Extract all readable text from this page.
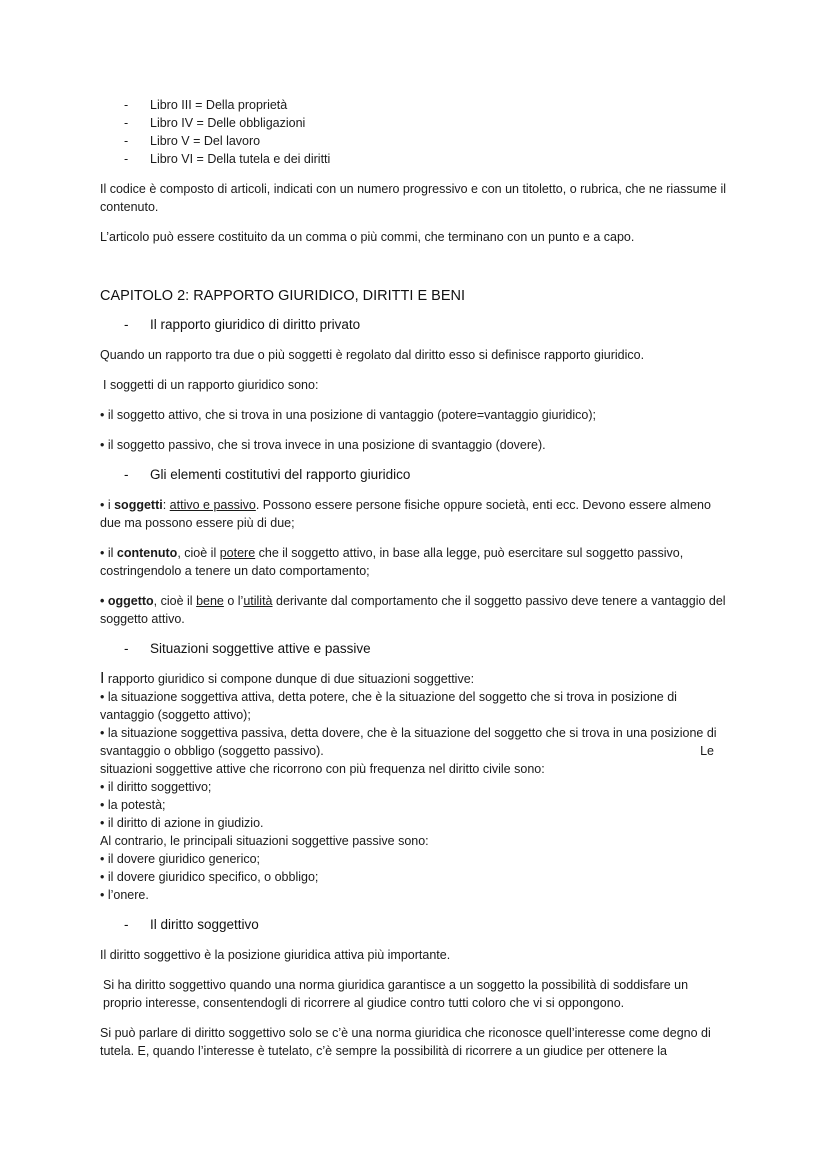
- Libro III = Della proprietà
- Libro IV = Delle obbligazioni
- Libro V = Del lavoro
- Libro VI = Della tutela e dei diritti

Il codice è composto di articoli, indicati con un numero progressivo e con un titoletto, o rubrica, che ne riassume il contenuto.

L’articolo può essere costituito da un comma o più commi, che terminano con un punto e a capo.

CAPITOLO 2: RAPPORTO GIURIDICO, DIRITTI E BENI
- Il rapporto giuridico di diritto privato

Quando un rapporto tra due o più soggetti è regolato dal diritto esso si definisce rapporto giuridico.

I soggetti di un rapporto giuridico sono:

• il soggetto attivo, che si trova in una posizione di vantaggio (potere=vantaggio giuridico);

• il soggetto passivo, che si trova invece in una posizione di svantaggio (dovere).

- Gli elementi costitutivi del rapporto giuridico

• i soggetti: attivo e passivo. Possono essere persone fisiche oppure società, enti ecc. Devono essere almeno due ma possono essere più di due;

• il contenuto, cioè il potere che il soggetto attivo, in base alla legge, può esercitare sul soggetto passivo, costringendolo a tenere un dato comportamento;

• oggetto, cioè il bene o l’utilità derivante dal comportamento che il soggetto passivo deve tenere a vantaggio del soggetto attivo.

- Situazioni soggettive attive e passive
I rapporto giuridico si compone dunque di due situazioni soggettive:
• la situazione soggettiva attiva, detta potere, che è la situazione del soggetto che si trova in posizione di vantaggio (soggetto attivo);
• la situazione soggettiva passiva, detta dovere, che è la situazione del soggetto che si trova in una posizione di svantaggio o obbligo (soggetto passivo).	Le
situazioni soggettive attive che ricorrono con più frequenza nel diritto civile sono:
• il diritto soggettivo;
• la potestà;
• il diritto di azione in giudizio.
Al contrario, le principali situazioni soggettive passive sono:
• il dovere giuridico generico;
• il dovere giuridico specifico, o obbligo;
• l’onere.
- Il diritto soggettivo

Il diritto soggettivo è la posizione giuridica attiva più importante.

Si ha diritto soggettivo quando una norma giuridica garantisce a un soggetto la possibilità di soddisfare un proprio interesse, consentendogli di ricorrere al giudice contro tutti coloro che vi si oppongono.

Si può parlare di diritto soggettivo solo se c’è una norma giuridica che riconosce quell’interesse come degno di tutela. E, quando l’interesse è tutelato, c’è sempre la possibilità di ricorrere a un giudice per ottenere la
